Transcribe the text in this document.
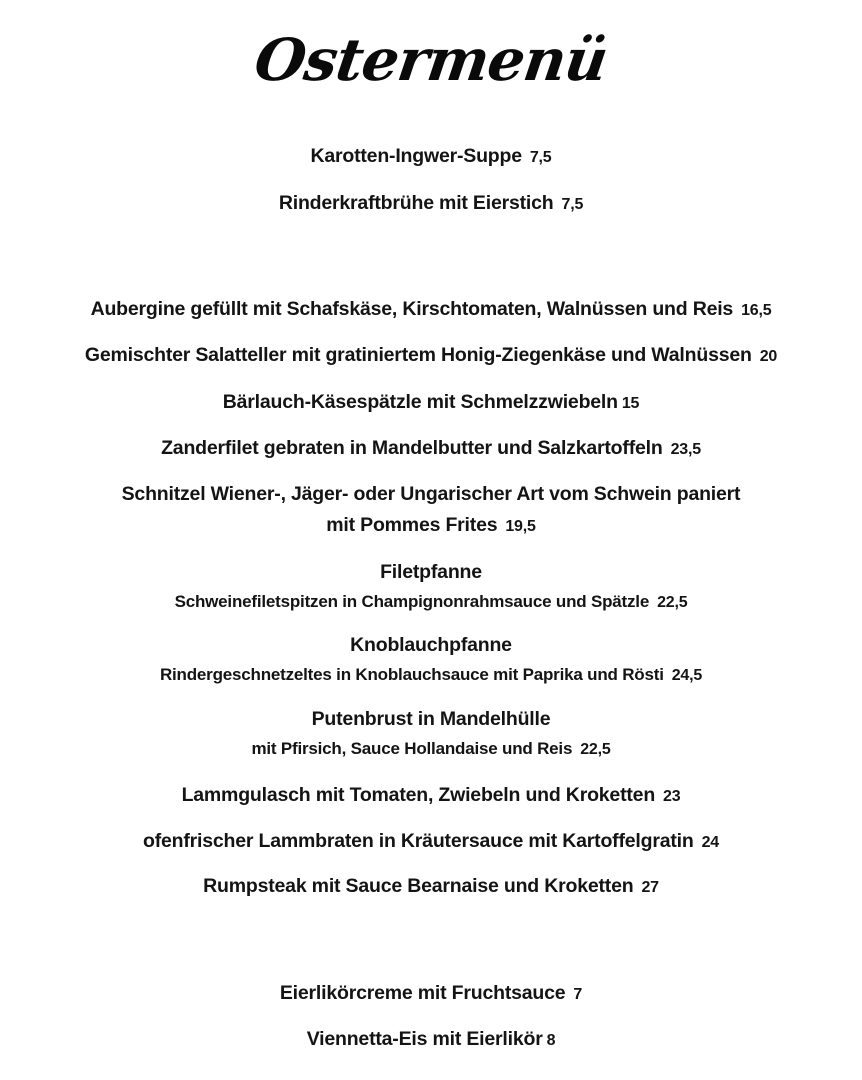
Ostermenü
Karotten-Ingwer-Suppe 7,5
Rinderkraftbrühe mit Eierstich 7,5
Aubergine gefüllt mit Schafskäse, Kirschtomaten, Walnüssen und Reis 16,5
Gemischter Salatteller mit gratiniertem Honig-Ziegenkäse und Walnüssen 20
Bärlauch-Käsespätzle mit Schmelzzwiebeln 15
Zanderfilet gebraten in Mandelbutter und Salzkartoffeln 23,5
Schnitzel Wiener-, Jäger- oder Ungarischer Art vom Schwein paniert
mit Pommes Frites 19,5
Filetpfanne
Schweinefiletspitzen in Champignonrahmsauce und Spätzle 22,5
Knoblauchpfanne
Rindergeschnetzeltes in Knoblauchsauce mit Paprika und Rösti 24,5
Putenbrust in Mandelhülle
mit Pfirsich, Sauce Hollandaise und Reis 22,5
Lammgulasch mit Tomaten, Zwiebeln und Kroketten 23
ofenfrischer Lammbraten in Kräutersauce mit Kartoffelgratin 24
Rumpsteak mit Sauce Bearnaise und Kroketten 27
Eierlikörcreme mit Fruchtsauce 7
Viennetta-Eis mit Eierlikör 8
